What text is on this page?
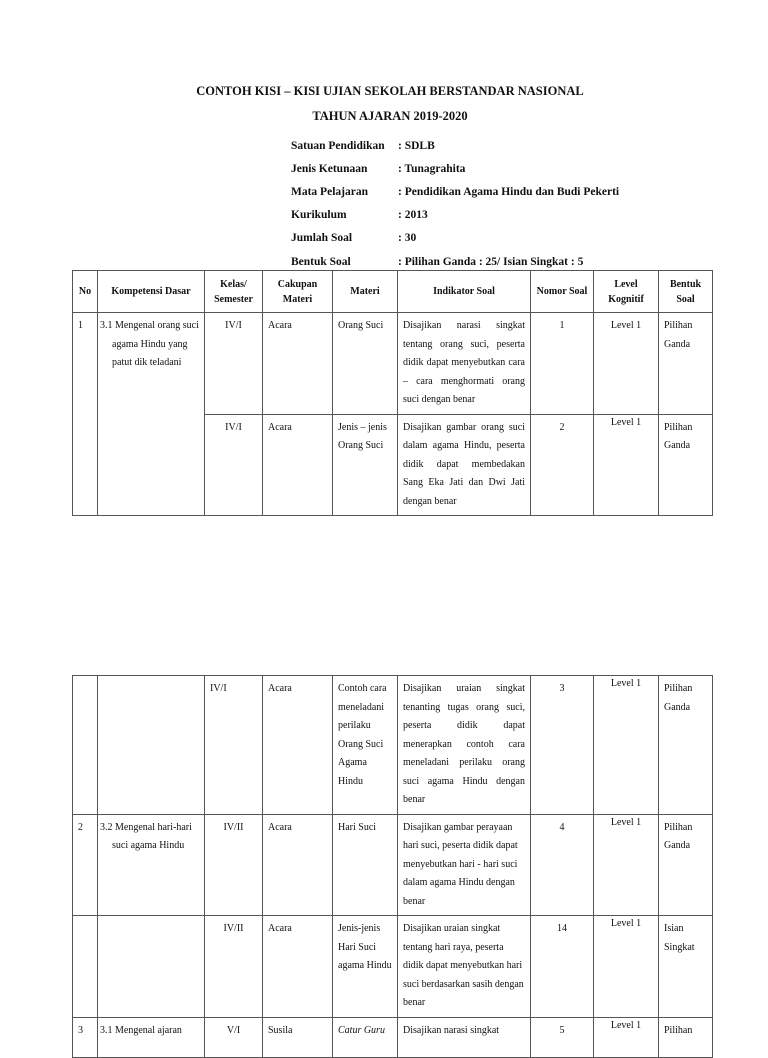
CONTOH KISI – KISI UJIAN SEKOLAH BERSTANDAR NASIONAL
TAHUN AJARAN 2019-2020
Satuan Pendidikan	: SDLB
Jenis Ketunaan	: Tunagrahita
Mata Pelajaran	: Pendidikan Agama Hindu dan Budi Pekerti
Kurikulum	: 2013
Jumlah Soal	: 30
Bentuk Soal	: Pilihan Ganda : 25/ Isian Singkat : 5
No	Kompetensi Dasar	Kelas/ Semester	Cakupan Materi	Materi	Indikator Soal	Nomor Soal	Level Kognitif	Bentuk Soal
1	3.1 Mengenal orang suci agama Hindu yang patut dik teladani	IV/I	Acara	Orang Suci	Disajikan narasi singkat tentang orang suci, peserta didik dapat menyebutkan cara – cara menghormati orang suci dengan benar	1	Level 1	Pilihan Ganda
		IV/I	Acara	Jenis – jenis Orang Suci	Disajikan gambar orang suci dalam agama Hindu, peserta didik dapat membedakan Sang Eka Jati dan Dwi Jati dengan benar	2	Level 1	Pilihan Ganda
		IV/I	Acara	Contoh cara meneladani perilaku Orang Suci Agama Hindu	Disajikan uraian singkat tenanting tugas orang suci, peserta didik dapat menerapkan contoh cara meneladani perilaku orang suci agama Hindu dengan benar	3	Level 1	Pilihan Ganda
2	3.2 Mengenal hari-hari suci agama Hindu	IV/II	Acara	Hari Suci	Disajikan gambar perayaan hari suci, peserta didik dapat menyebutkan hari - hari suci dalam agama Hindu dengan benar	4	Level 1	Pilihan Ganda
		IV/II	Acara	Jenis-jenis Hari Suci agama Hindu	Disajikan uraian singkat tentang hari raya, peserta didik dapat menyebutkan hari suci berdasarkan sasih dengan benar	14	Level 1	Isian Singkat
3	3.1 Mengenal ajaran	V/I	Susila	Catur Guru	Disajikan narasi singkat	5	Level 1	Pilihan
